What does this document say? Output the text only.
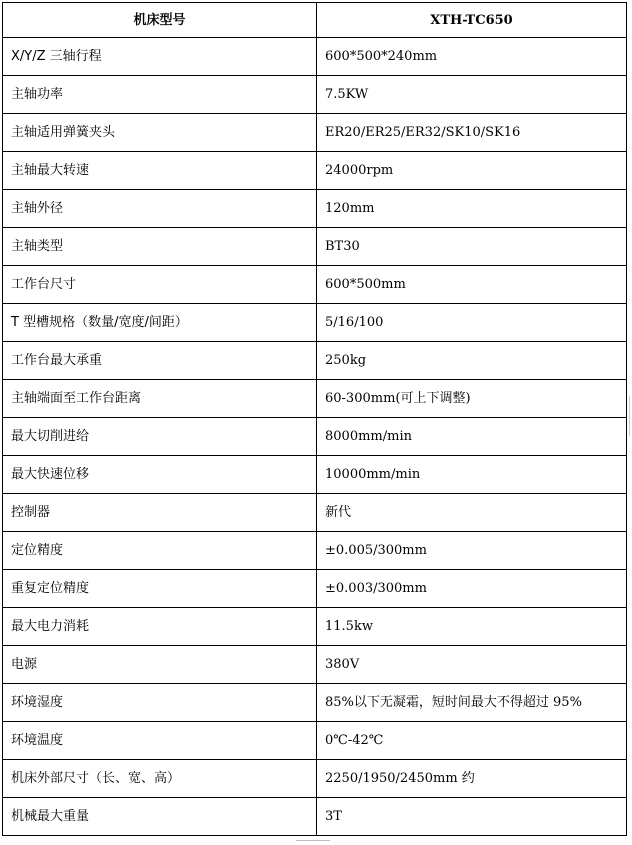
机床型号	XTH-TC650
X/Y/Z 三轴行程	600*500*240mm
主轴功率	7.5KW
主轴适用弹簧夹头	ER20/ER25/ER32/SK10/SK16
主轴最大转速	24000rpm
主轴外径	120mm
主轴类型	BT30
工作台尺寸	600*500mm
T 型槽规格（数量/宽度/间距）	5/16/100
工作台最大承重	250kg
主轴端面至工作台距离	60-300mm(可上下调整)
最大切削进给	8000mm/min
最大快速位移	10000mm/min
控制器	新代
定位精度	±0.005/300mm
重复定位精度	±0.003/300mm
最大电力消耗	11.5kw
电源	380V
环境湿度	85%以下无凝霜，短时间最大不得超过 95%
环境温度	0℃-42℃
机床外部尺寸（长、宽、高）	2250/1950/2450mm 约
机械最大重量	3T
